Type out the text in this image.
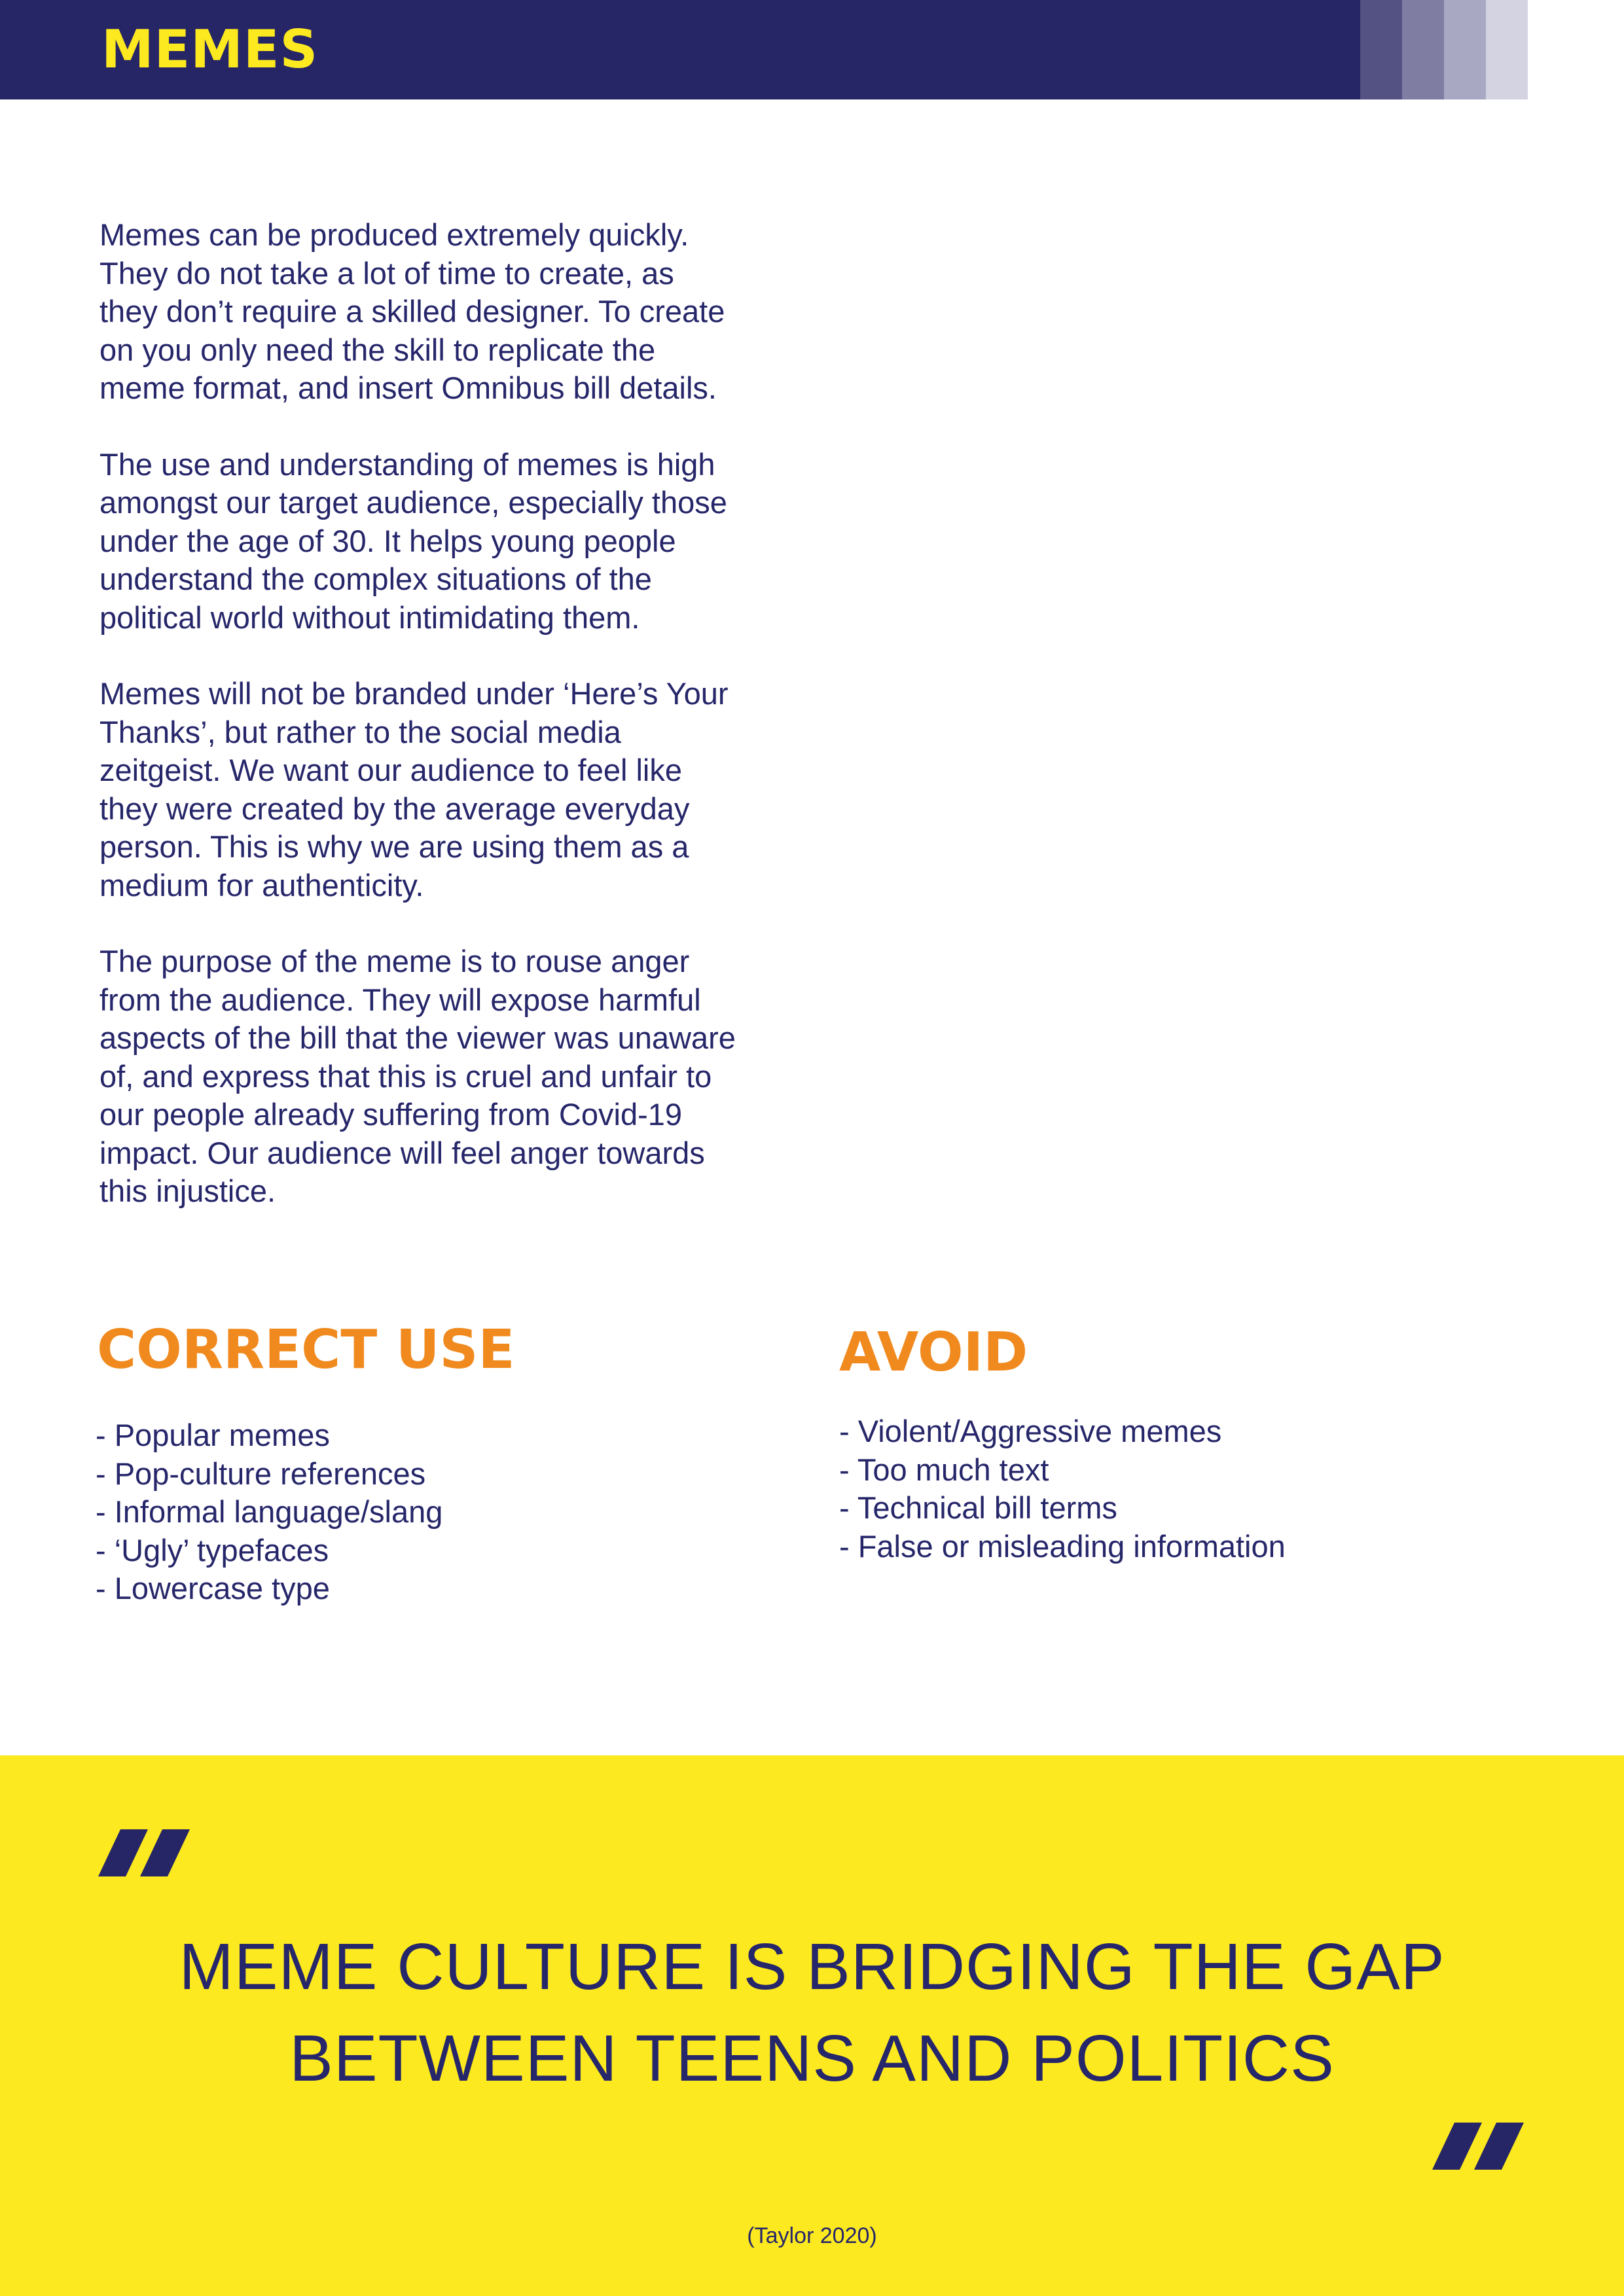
MEMES

Memes can be produced extremely quickly.
They do not take a lot of time to create, as
they don’t require a skilled designer. To create
on you only need the skill to replicate the
meme format, and insert Omnibus bill details.

The use and understanding of memes is high
amongst our target audience, especially those
under the age of 30. It helps young people
understand the complex situations of the
political world without intimidating them.

Memes will not be branded under ‘Here’s Your
Thanks’, but rather to the social media
zeitgeist. We want our audience to feel like
they were created by the average everyday
person. This is why we are using them as a
medium for authenticity.

The purpose of the meme is to rouse anger
from the audience. They will expose harmful
aspects of the bill that the viewer was unaware
of, and express that this is cruel and unfair to
our people already suffering from Covid-19
impact. Our audience will feel anger towards
this injustice.

CORRECT USE
- Popular memes
- Pop-culture references
- Informal language/slang
- ‘Ugly’ typefaces
- Lowercase type
AVOID
- Violent/Aggressive memes
- Too much text
- Technical bill terms
- False or misleading information
MEME CULTURE IS BRIDGING THE GAP
BETWEEN TEENS AND POLITICS
(Taylor 2020)
